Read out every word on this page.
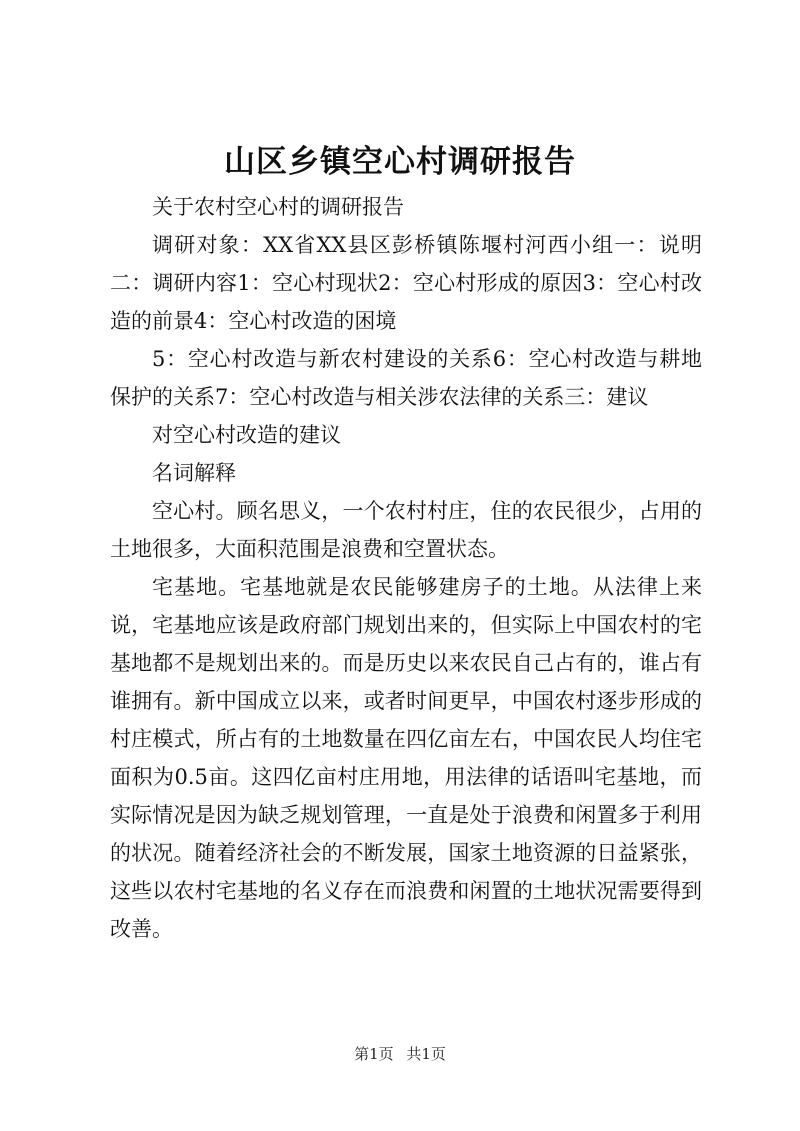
山区乡镇空心村调研报告

关于农村空心村的调研报告

调研对象：XX省XX县区彭桥镇陈堰村河西小组一：说明二：调研内容1：空心村现状2：空心村形成的原因3：空心村改造的前景4：空心村改造的困境

5：空心村改造与新农村建设的关系6：空心村改造与耕地保护的关系7：空心村改造与相关涉农法律的关系三：建议

对空心村改造的建议

名词解释

空心村。顾名思义，一个农村村庄，住的农民很少，占用的土地很多，大面积范围是浪费和空置状态。

宅基地。宅基地就是农民能够建房子的土地。从法律上来说，宅基地应该是政府部门规划出来的，但实际上中国农村的宅基地都不是规划出来的。而是历史以来农民自己占有的，谁占有谁拥有。新中国成立以来，或者时间更早，中国农村逐步形成的村庄模式，所占有的土地数量在四亿亩左右，中国农民人均住宅面积为0.5亩。这四亿亩村庄用地，用法律的话语叫宅基地，而实际情况是因为缺乏规划管理，一直是处于浪费和闲置多于利用的状况。随着经济社会的不断发展，国家土地资源的日益紧张，这些以农村宅基地的名义存在而浪费和闲置的土地状况需要得到改善。

第1页 共1页
